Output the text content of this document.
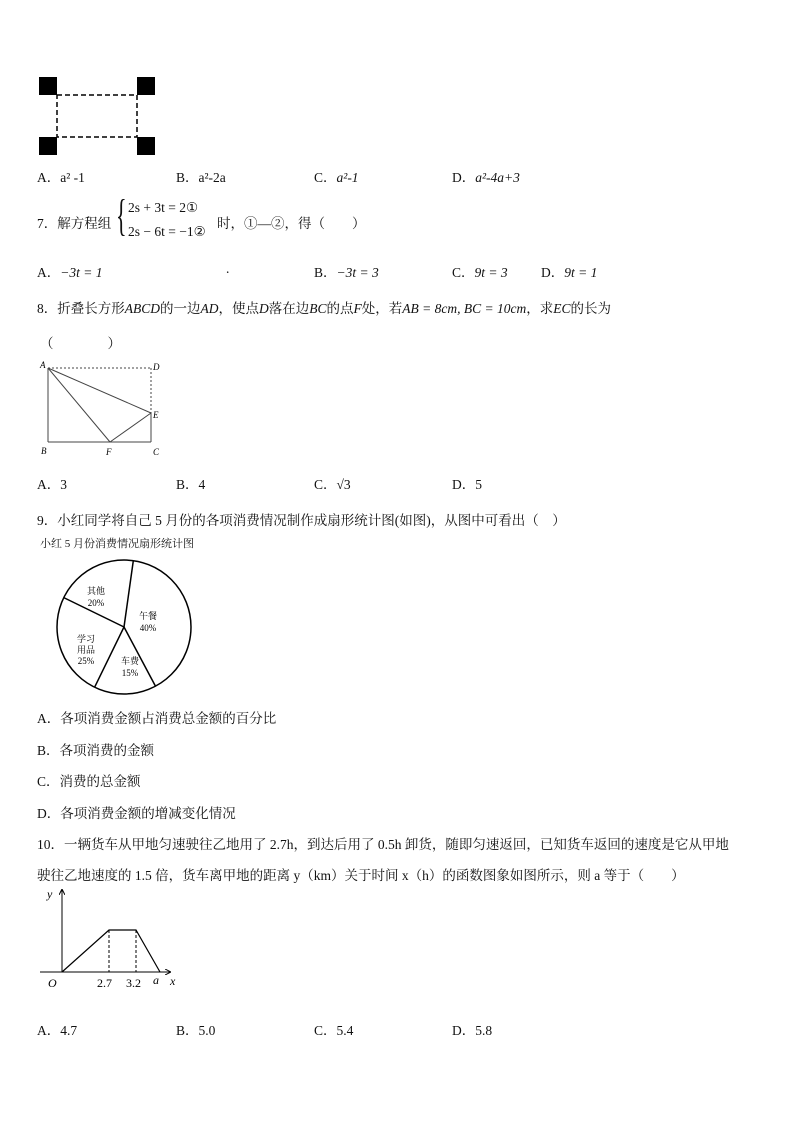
A．a² -1	B．a²-2a	C．a²-1	D．a²-4a+3
7．解方程组 { 2s + 3t = 2①
2s − 6t = −1②
时，①—②，得（　　）
A．−3t = 1	.	B．−3t = 3	C．9t = 3 D．9t = 1
8．折叠长方形ABCD的一边AD，使点D落在边BC的点F处，若AB = 8cm, BC = 10cm，求EC的长为
（　　　　）
A	D
E
B	F	C
A．3	B．4	C．√3	D．5
9．小红同学将自己 5 月份的各项消费情况制作成扇形统计图(如图)，从图中可看出（　）
小红 5 月份消费情况扇形统计图
午餐
40%
车费
15%
学习
用品
25%
其他
20%
A．各项消费金额占消费总金额的百分比
B．各项消费的金额
C．消费的总金额
D．各项消费金额的增减变化情况
10．一辆货车从甲地匀速驶往乙地用了 2.7h，到达后用了 0.5h 卸货，随即匀速返回，已知货车返回的速度是它从甲地
驶往乙地速度的 1.5 倍，货车离甲地的距离 y（km）关于时间 x（h）的函数图象如图所示，则 a 等于（　　）
y
x
O	2.7 3.2 a
A．4.7	B．5.0	C．5.4	D．5.8
